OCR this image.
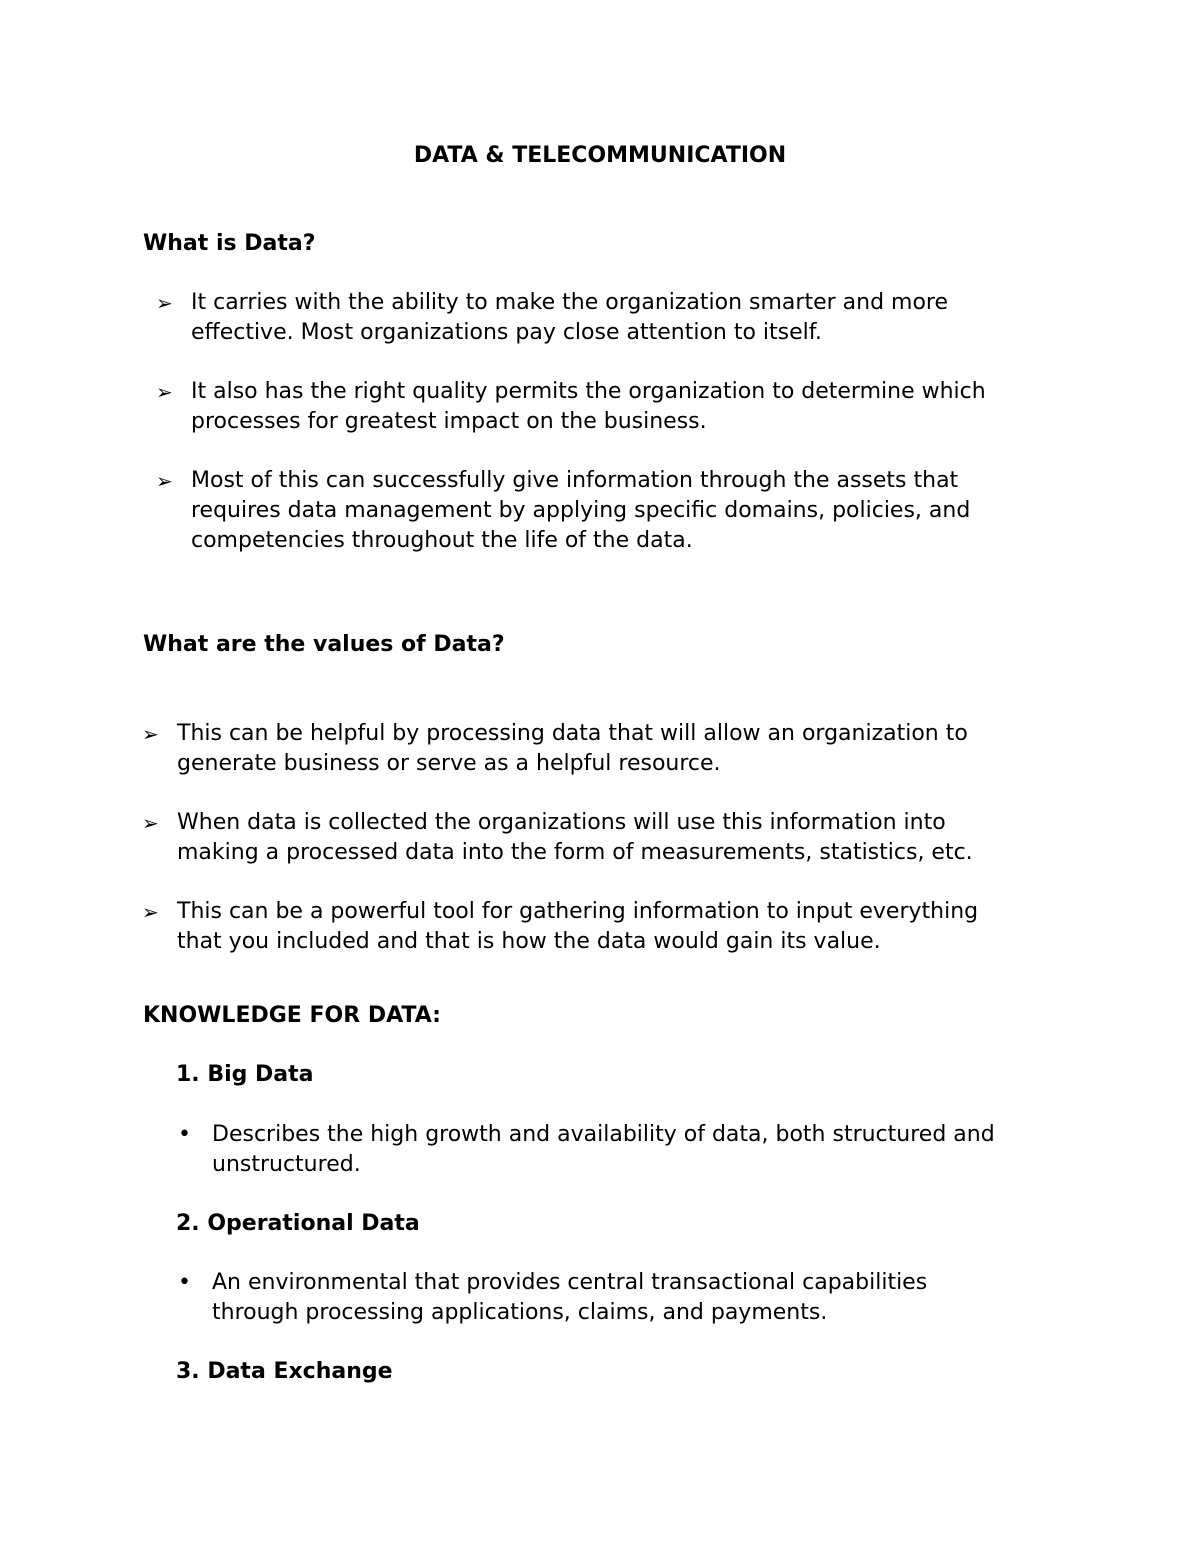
DATA & TELECOMMUNICATION

What is Data?

➢ It carries with the ability to make the organization smarter and more
effective. Most organizations pay close attention to itself.
➢ It also has the right quality permits the organization to determine which
processes for greatest impact on the business.
➢ Most of this can successfully give information through the assets that
requires data management by applying specific domains, policies, and
competencies throughout the life of the data.

What are the values of Data?

➢ This can be helpful by processing data that will allow an organization to
generate business or serve as a helpful resource.
➢ When data is collected the organizations will use this information into
making a processed data into the form of measurements, statistics, etc.
➢ This can be a powerful tool for gathering information to input everything
that you included and that is how the data would gain its value.

KNOWLEDGE FOR DATA:

1. Big Data

• Describes the high growth and availability of data, both structured and
unstructured.

2. Operational Data

• An environmental that provides central transactional capabilities
through processing applications, claims, and payments.

3. Data Exchange
